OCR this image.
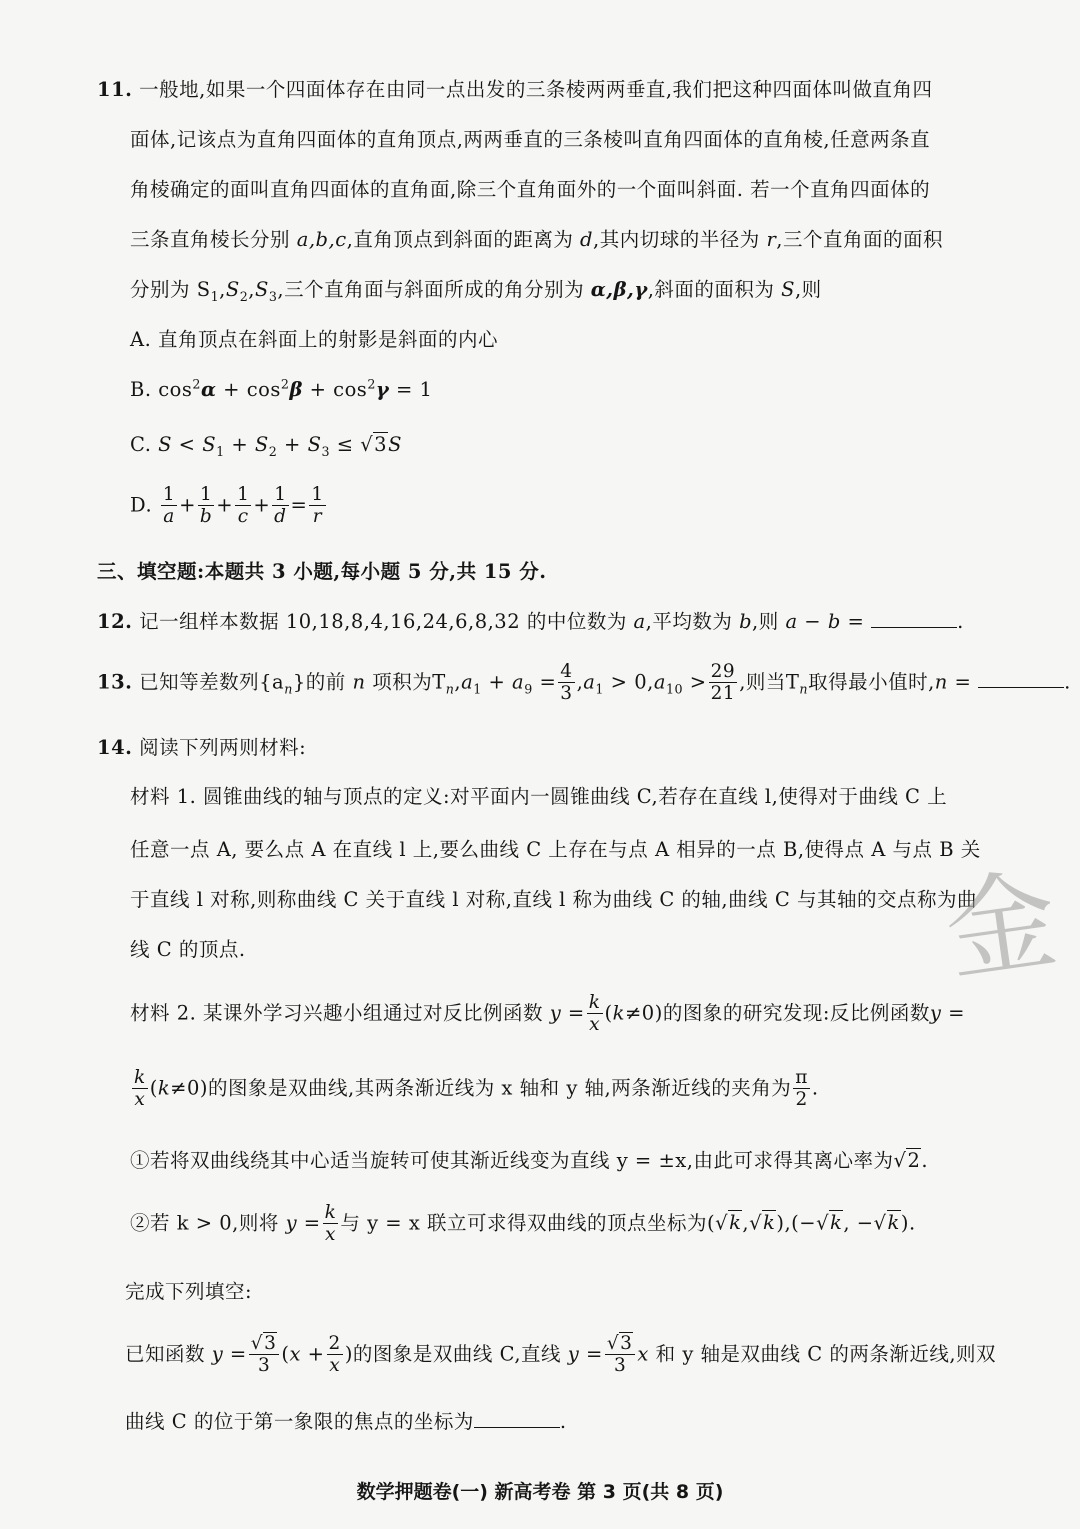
11. 一般地,如果一个四面体存在由同一点出发的三条棱两两垂直,我们把这种四面体叫做直角四
面体,记该点为直角四面体的直角顶点,两两垂直的三条棱叫直角四面体的直角棱,任意两条直
角棱确定的面叫直角四面体的直角面,除三个直角面外的一个面叫斜面. 若一个直角四面体的
三条直角棱长分别 a,b,c,直角顶点到斜面的距离为 d,其内切球的半径为 r,三个直角面的面积
分别为 $S_1,S_2,S_3$,三个直角面与斜面所成的角分别为 α,β,γ,斜面的面积为 S,则
A. 直角顶点在斜面上的射影是斜面的内心
B. $\cos^2\alpha + \cos^2\beta + \cos^2\gamma = 1$
C. $S < S_1 + S_2 + S_3 \le √3S$
D. $\frac{1}{a} + \frac{1}{b} + \frac{1}{c} + \frac{1}{d} = \frac{1}{r}$
三、填空题:本题共 3 小题,每小题 5 分,共 15 分.
12. 记一组样本数据 10,18,8,4,16,24,6,8,32 的中位数为 a,平均数为 b,则 a − b =	.
13. 已知等差数列$\{a_n\}$的前 n 项积为$T_n,a_1 + a_9 = \frac{4}{3} ,a_1 > 0,a_{10} > \frac{29}{21}$ ,则当$T_n$取得最小值时,n =	.
14. 阅读下列两则材料:
材料 1. 圆锥曲线的轴与顶点的定义:对平面内一圆锥曲线 C,若存在直线 l,使得对于曲线 C 上
任意一点 A, 要么点 A 在直线 l 上,要么曲线 C 上存在与点 A 相异的一点 B,使得点 A 与点 B 关
于直线 l 对称,则称曲线 C 关于直线 l 对称,直线 l 称为曲线 C 的轴,曲线 C 与其轴的交点称为曲
线 C 的顶点.
材料 2. 某课外学习兴趣小组通过对反比例函数 $y = \frac{k}{x} (k\ne 0)$的图象的研究发现:反比例函数y =
$\frac{k}{x} (k\ne 0)$的图象是双曲线,其两条渐近线为 x 轴和 y 轴,两条渐近线的夹角为 $\frac{\pi}{2}$ .
①若将双曲线绕其中心适当旋转可使其渐近线变为直线 y = ±x,由此可求得其离心率为√2.
②若 k > 0,则将 $y = \frac{k}{x}$ 与 y = x 联立可求得双曲线的顶点坐标为(√k,√k),(−√k, −√k).
完成下列填空:
已知函数 $y = \frac{√3}{3} (x + \frac{2}{x}$ )的图象是双曲线 C,直线 $y = \frac{√3}{3}$ x 和 y 轴是双曲线 C 的两条渐近线,则双
曲线 C 的位于第一象限的焦点的坐标为	.
金
数学押题卷(一) 新高考卷 第 3 页(共 8 页)
